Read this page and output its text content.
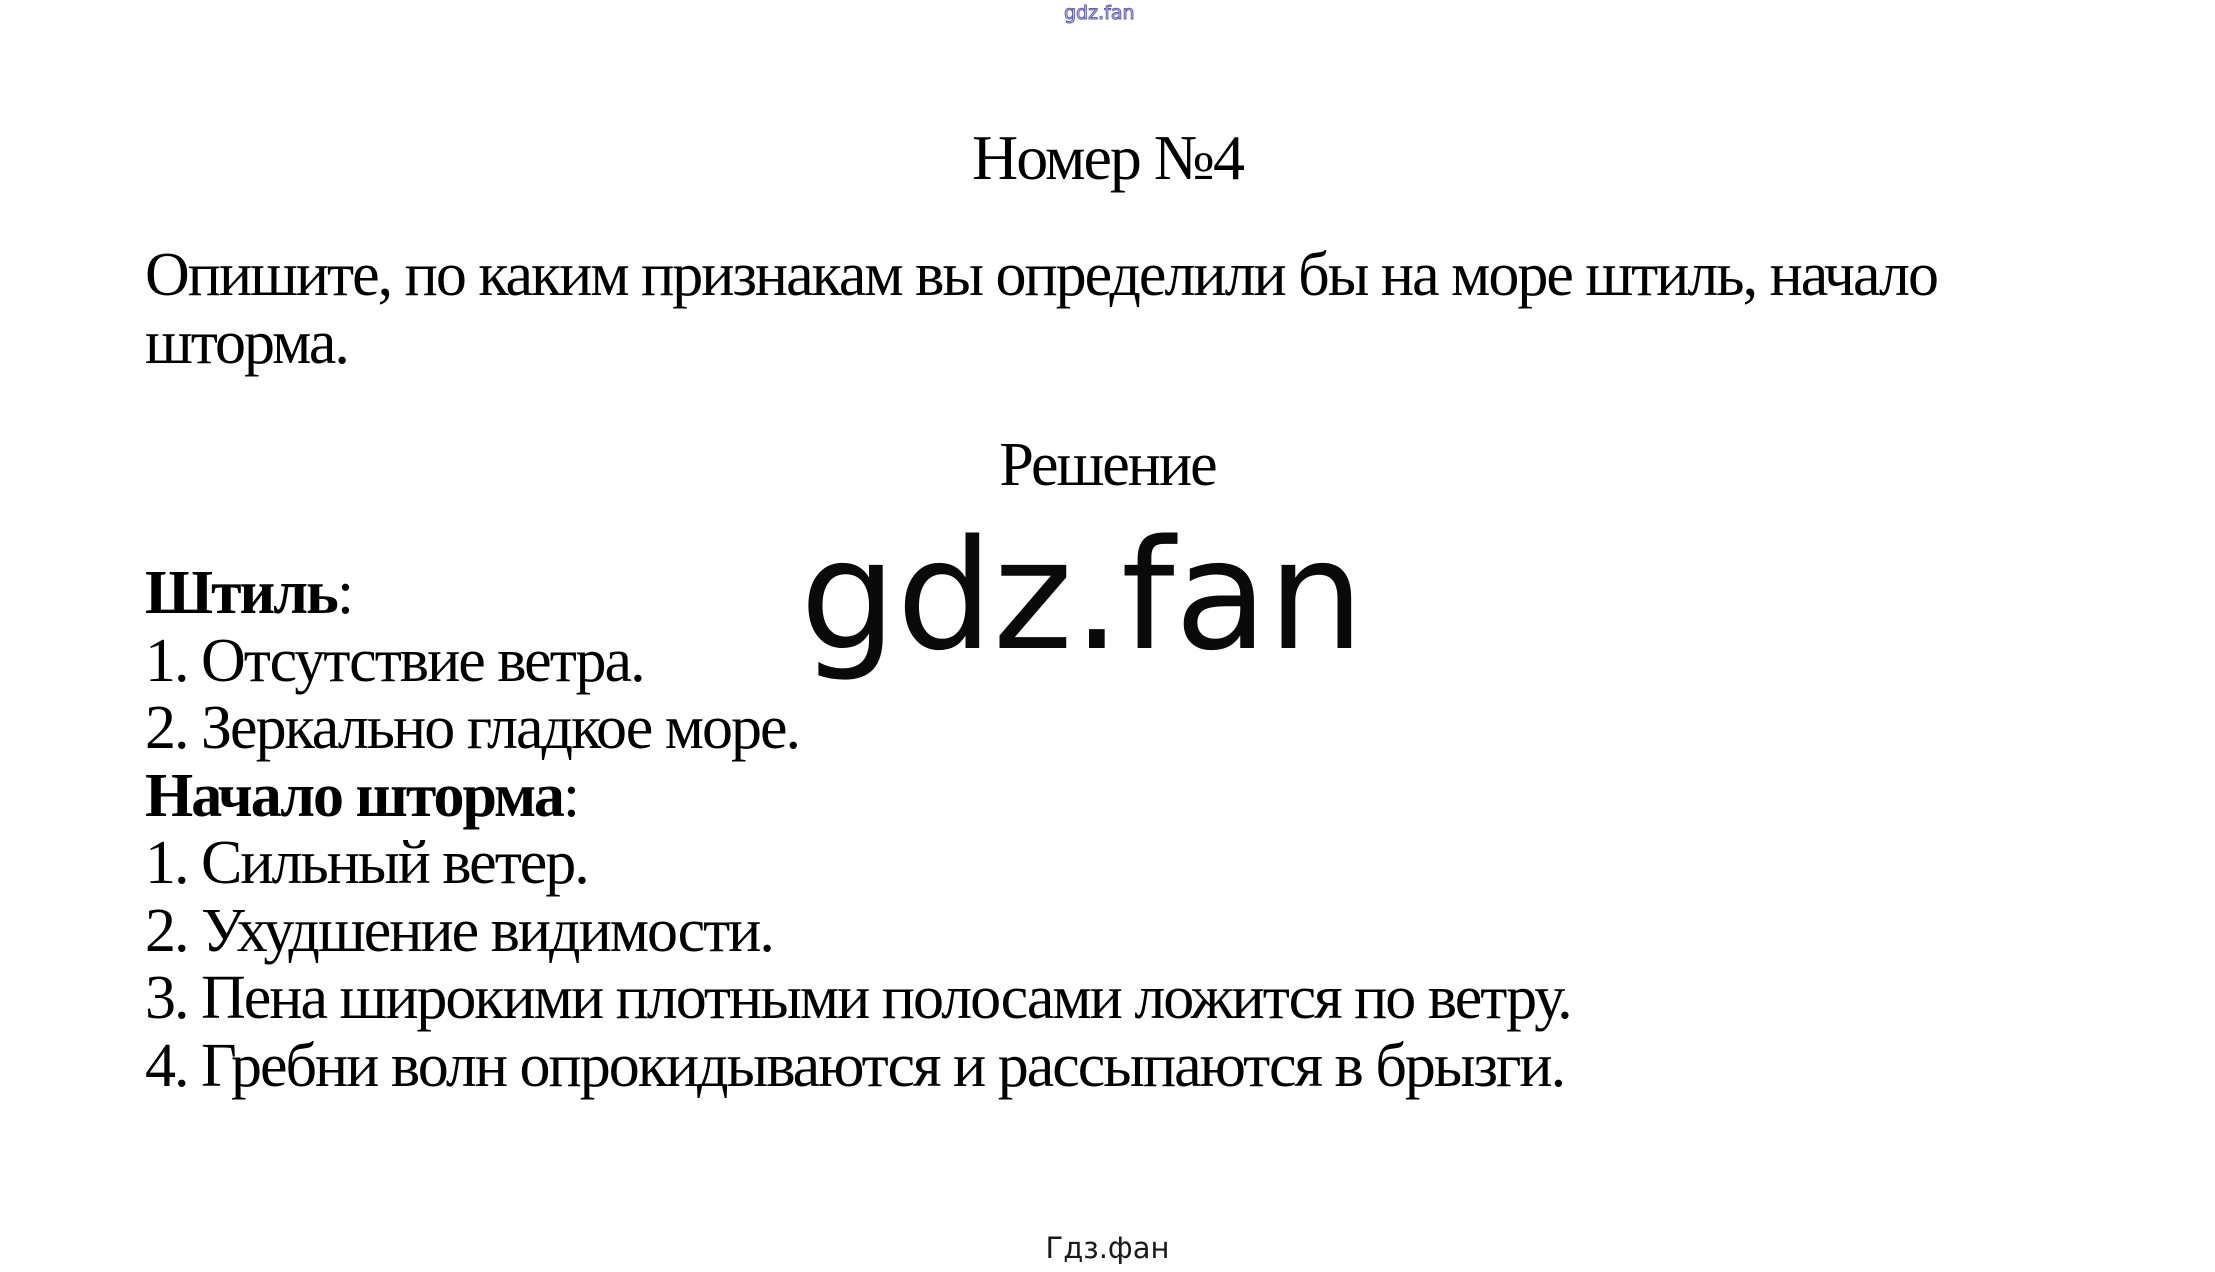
gdz.fan
Номер №4
Опишите, по каким признакам вы определили бы на море штиль, начало
шторма.
Решение
gdz.fan
Штиль:
1. Отсутствие ветра.
2. Зеркально гладкое море.
Начало шторма:
1. Сильный ветер.
2. Ухудшение видимости.
3. Пена широкими плотными полосами ложится по ветру.
4. Гребни волн опрокидываются и рассыпаются в брызги.
Гдз.фан
